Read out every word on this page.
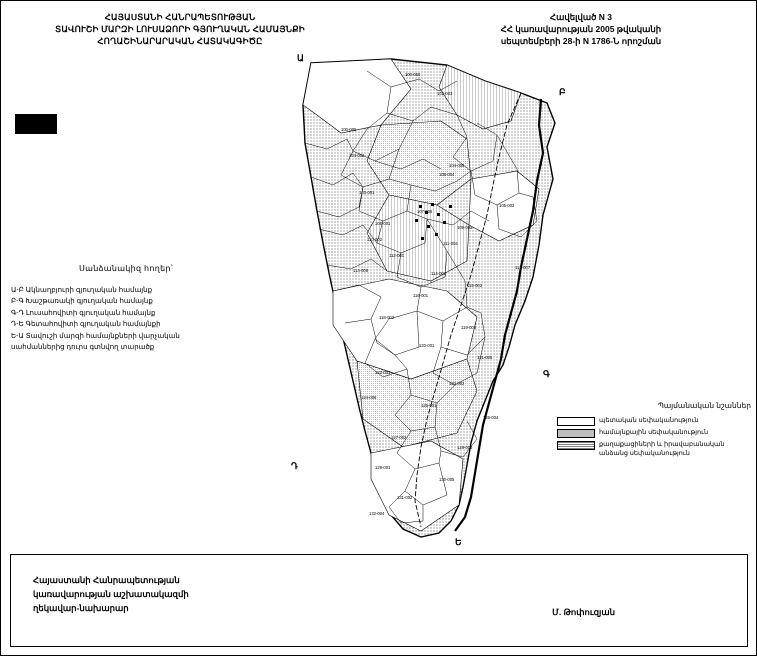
ՀԱՅԱՍՏԱՆԻ ՀԱՆՐԱՊԵՏՈՒԹՅԱՆ
ՏԱՎՈՒՇԻ ՄԱՐԶԻ ԼՈՒՍԱՁՈՐԻ ԳՅՈՒՂԱԿԱՆ ՀԱՄԱՅՆՔԻ
ՀՈՂԱՇԻՆԱՐԱՐԱԿԱՆ ՀԱՏԱԿԱԳԻԾԸ
Հավելված N 3
ՀՀ կառավարության 2005 թվականի
սեպտեմբերի 28-ի N 1786-Ն որոշման
Սանձանակիզ հողեր՝
Ա-Բ Ակնաղբյուրի գյուղական համայնք
Բ-Գ Խաշթառակի գյուղական համայնք
Գ-Դ Լուսահովիտի գյուղական համայնք
Դ-Ե Գետահովիտի գյուղական համայնքի
Ե-Ա Տավուշի մարզի համայնքների վարչական
սահմաններից դուրս գտնվող տարածք
Պայմանական նշաններ
պետական սեփականություն
համայնքային սեփականություն
քաղաքացիների և իրավաբանական
անձանց սեփականություն
100-050
102-003
100-005
104-002
104-005
103-001
106-004
105-002
107-005
108-001
109-003
110-002
111-004
112-001
113-006
114-002
115-003
116-001
117-007
118-002
119-004
120-001
121-005
122-003
123-002
124-006
125-001
126-004
127-002
128-003
129-001
130-005
131-002
132-004
Ա
Բ
Գ
Դ
Ե
Հայաստանի Հանրապետության
կառավարության աշխատակազմի
ղեկավար-նախարար	Մ. Թոփուզյան
